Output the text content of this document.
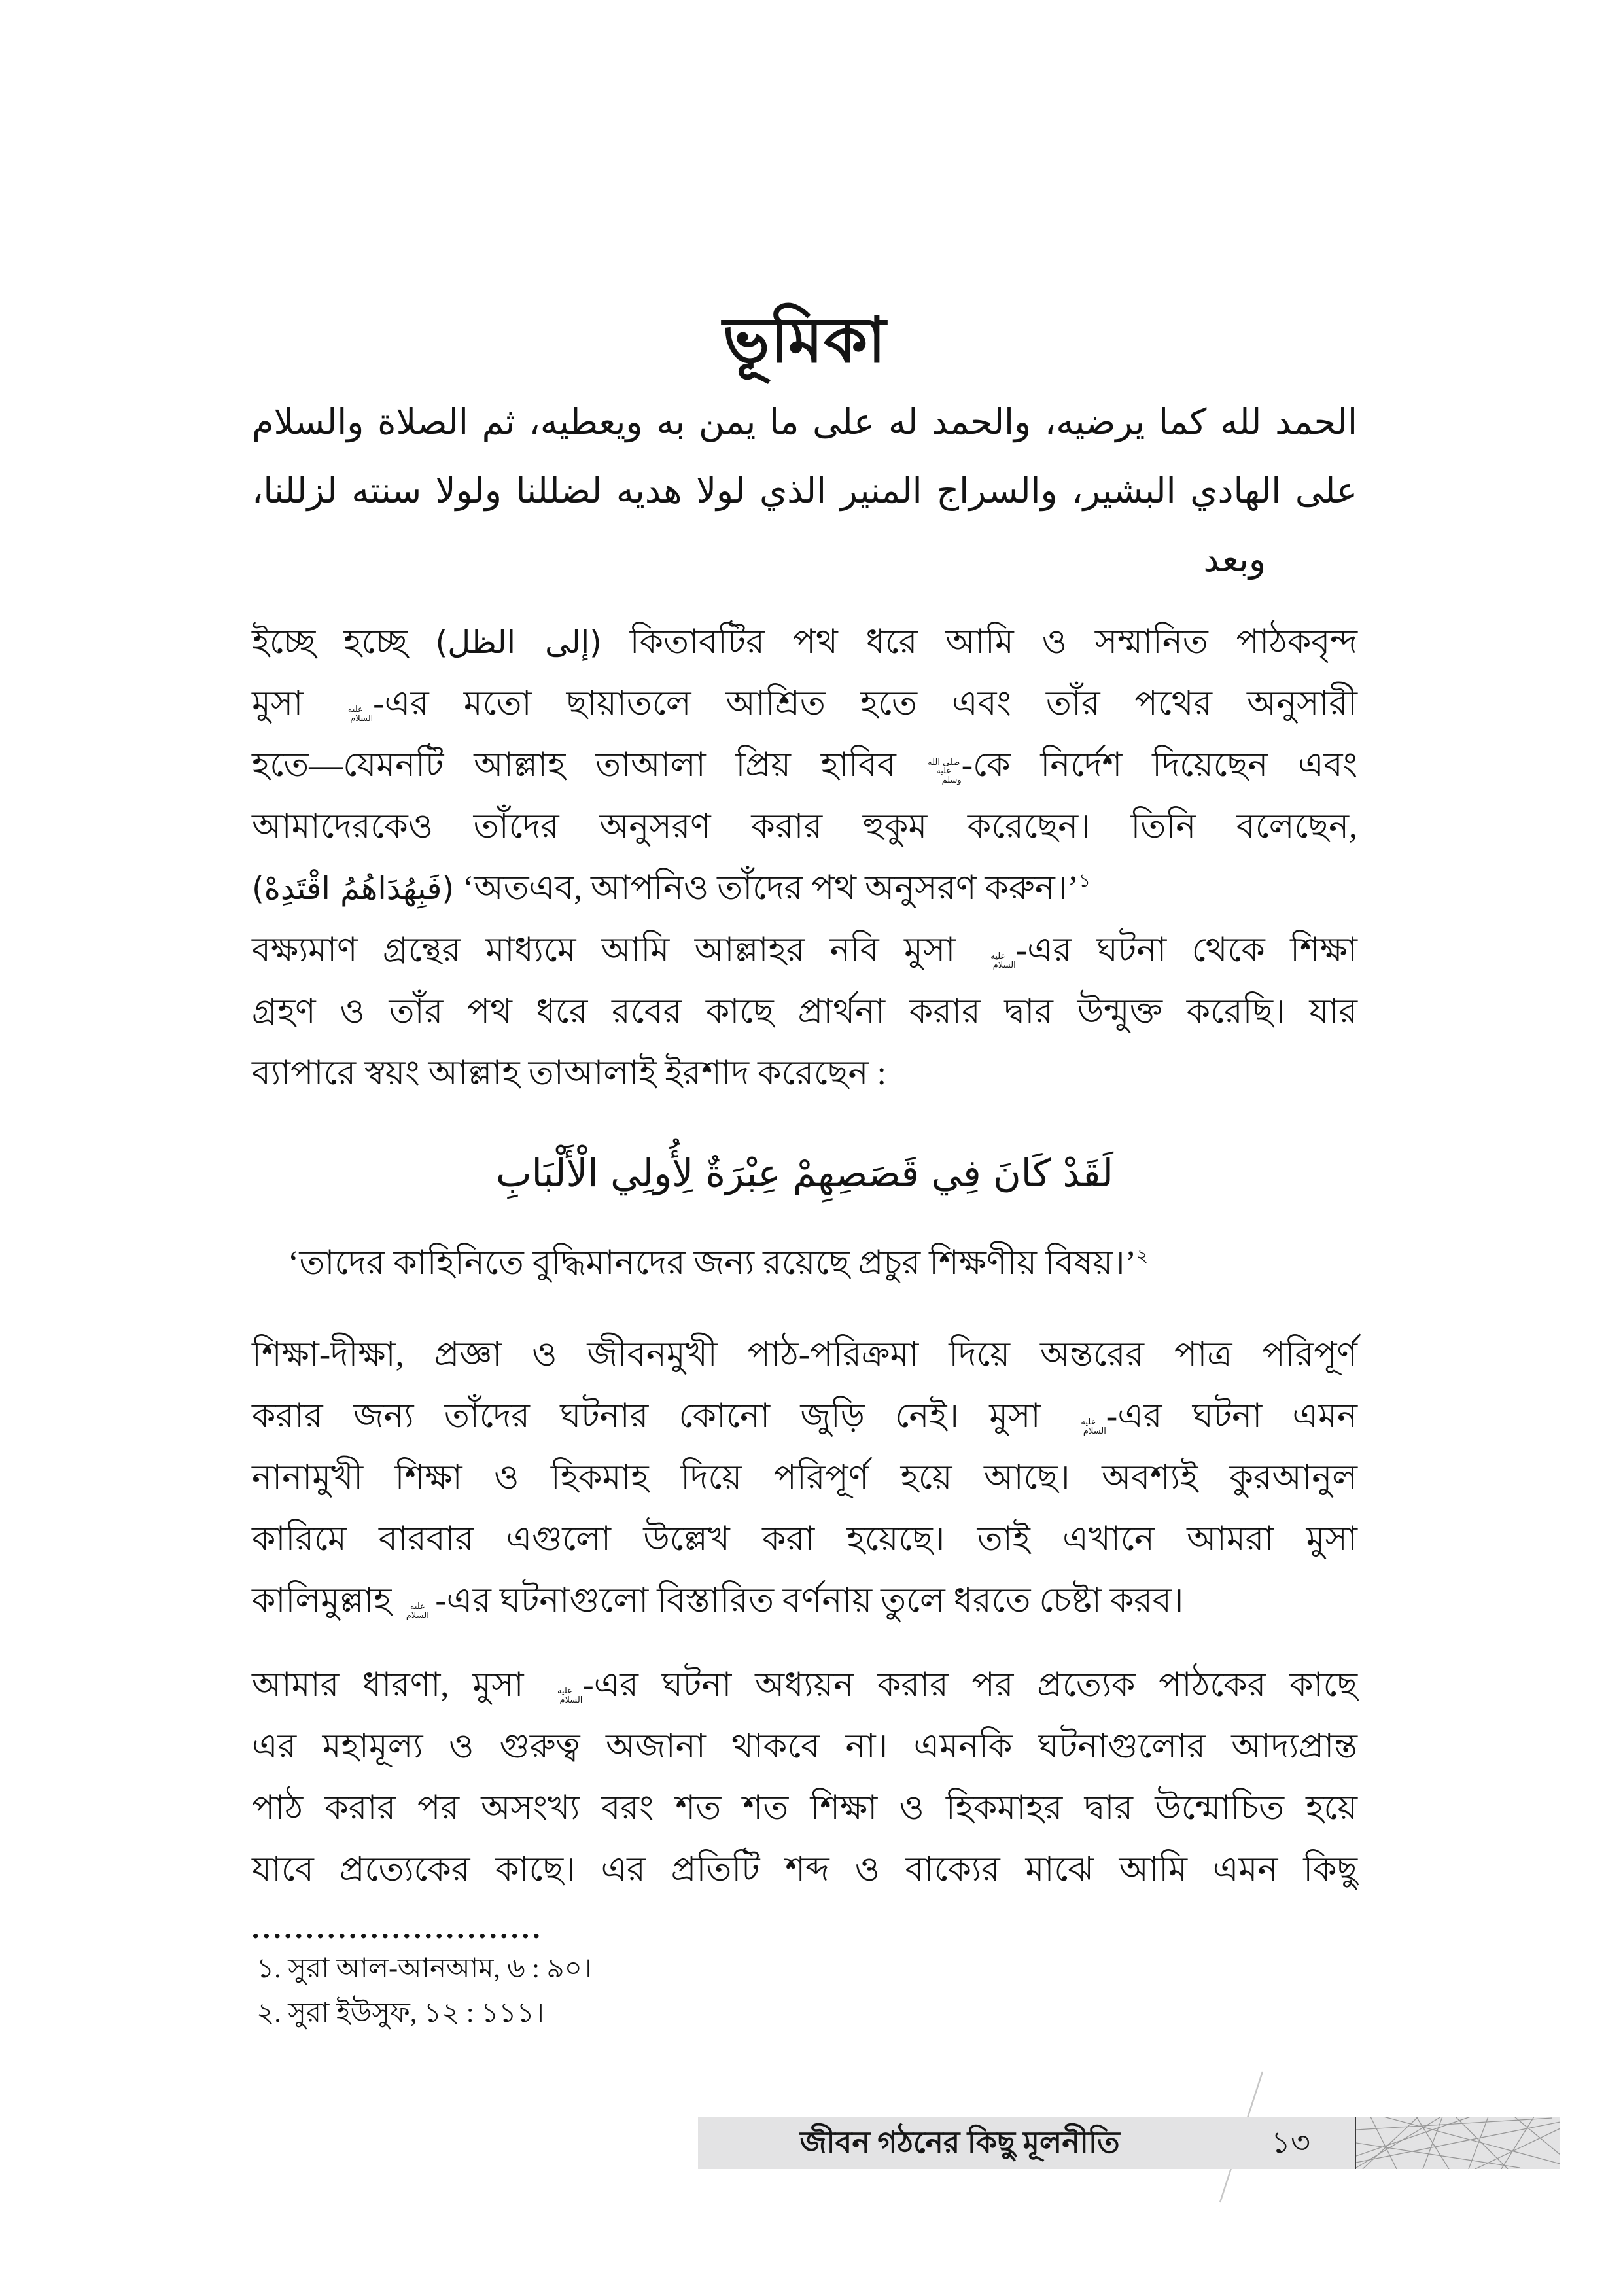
ভূমিকা
الحمد لله كما يرضيه، والحمد له على ما يمن به ويعطيه، ثم الصلاة والسلام
على الهادي البشير، والسراج المنير الذي لولا هديه لضللنا ولولا سنته لزللنا،
وبعد
ইচ্ছে হচ্ছে (إلى الظل) কিতাবটির পথ ধরে আমি ও সম্মানিত পাঠকবৃন্দ
মুসা عليه السلام-এর মতো ছায়াতলে আশ্রিত হতে এবং তাঁর পথের অনুসারী
হতে—যেমনটি আল্লাহ তাআলা প্রিয় হাবিব صلى الله عليه وسلم-কে নির্দেশ দিয়েছেন এবং
আমাদেরকেও তাঁদের অনুসরণ করার হুকুম করেছেন। তিনি বলেছেন,
(فَبِهُدَاهُمُ اقْتَدِهْ) ‘অতএব, আপনিও তাঁদের পথ অনুসরণ করুন।’$^১$
বক্ষ্যমাণ গ্রন্থের মাধ্যমে আমি আল্লাহর নবি মুসা عليه السلام-এর ঘটনা থেকে শিক্ষা
গ্রহণ ও তাঁর পথ ধরে রবের কাছে প্রার্থনা করার দ্বার উন্মুক্ত করেছি। যার
ব্যাপারে স্বয়ং আল্লাহ তাআলাই ইরশাদ করেছেন :
لَقَدْ كَانَ فِي قَصَصِهِمْ عِبْرَةٌ لِأُولِي الْأَلْبَابِ
‘তাদের কাহিনিতে বুদ্ধিমানদের জন্য রয়েছে প্রচুর শিক্ষণীয় বিষয়।’$^২$
শিক্ষা-দীক্ষা, প্রজ্ঞা ও জীবনমুখী পাঠ-পরিক্রমা দিয়ে অন্তরের পাত্র পরিপূর্ণ
করার জন্য তাঁদের ঘটনার কোনো জুড়ি নেই। মুসা عليه السلام-এর ঘটনা এমন
নানামুখী শিক্ষা ও হিকমাহ দিয়ে পরিপূর্ণ হয়ে আছে। অবশ্যই কুরআনুল
কারিমে বারবার এগুলো উল্লেখ করা হয়েছে। তাই এখানে আমরা মুসা
কালিমুল্লাহ عليه السلام -এর ঘটনাগুলো বিস্তারিত বর্ণনায় তুলে ধরতে চেষ্টা করব।
আমার ধারণা, মুসা عليه السلام-এর ঘটনা অধ্যয়ন করার পর প্রত্যেক পাঠকের কাছে
এর মহামূল্য ও গুরুত্ব অজানা থাকবে না। এমনকি ঘটনাগুলোর আদ্যপ্রান্ত
পাঠ করার পর অসংখ্য বরং শত শত শিক্ষা ও হিকমাহর দ্বার উন্মোচিত হয়ে
যাবে প্রত্যেকের কাছে। এর প্রতিটি শব্দ ও বাক্যের মাঝে আমি এমন কিছু
...........................
১. সুরা আল-আনআম, ৬ : ৯০।
২. সুরা ইউসুফ, ১২ : ১১১।
জীবন গঠনের কিছু মূলনীতি	১৩
